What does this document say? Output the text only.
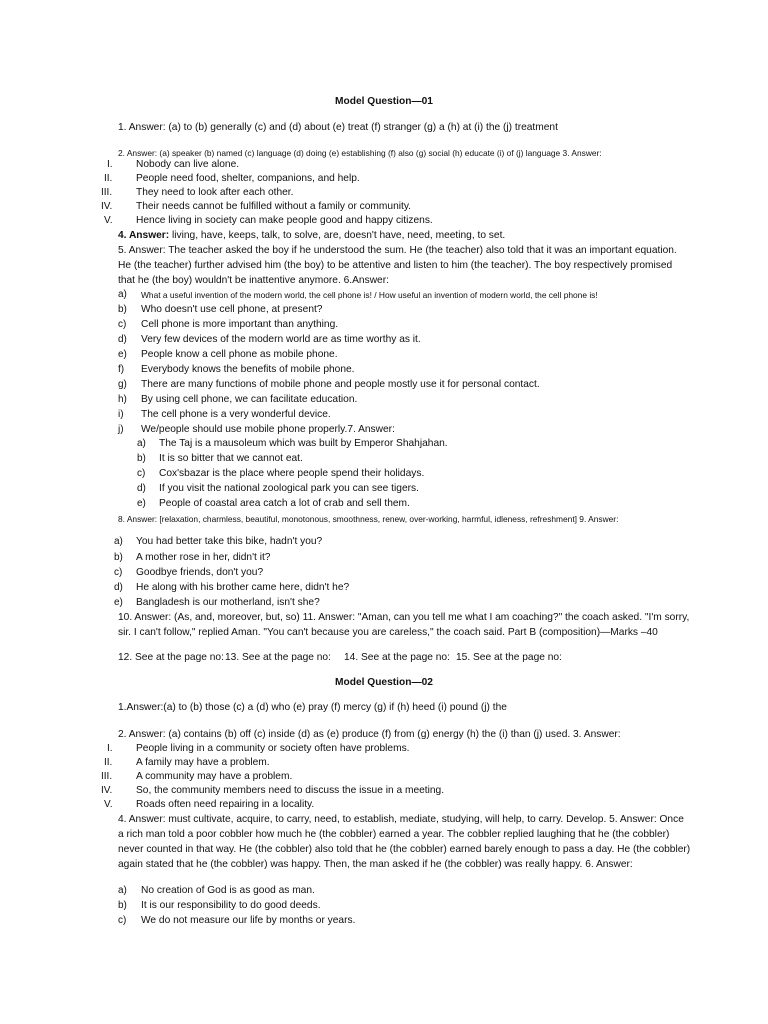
Model Question—01
1. Answer: (a) to (b) generally (c) and (d) about (e) treat (f) stranger (g) a (h) at (i) the (j) treatment
2. Answer: (a) speaker (b) named (c) language (d) doing (e) establishing (f) also (g) social (h) educate (i) of (j) language 3. Answer:
I. Nobody can live alone.
II. People need food, shelter, companions, and help.
III. They need to look after each other.
IV. Their needs cannot be fulfilled without a family or community.
V. Hence living in society can make people good and happy citizens.
4. Answer: living, have, keeps, talk, to solve, are, doesn't have, need, meeting, to set.
5. Answer: The teacher asked the boy if he understood the sum. He (the teacher) also told that it was an important equation.
He (the teacher) further advised him (the boy) to be attentive and listen to him (the teacher). The boy respectively promised
that he (the boy) wouldn't be inattentive anymore. 6.Answer:
a) What a useful invention of the modern world, the cell phone is! / How useful an invention of modern world, the cell phone is!
b) Who doesn't use cell phone, at present?
c) Cell phone is more important than anything.
d) Very few devices of the modern world are as time worthy as it.
e) People know a cell phone as mobile phone.
f) Everybody knows the benefits of mobile phone.
g) There are many functions of mobile phone and people mostly use it for personal contact.
h) By using cell phone, we can facilitate education.
i) The cell phone is a very wonderful device.
j) We/people should use mobile phone properly.7. Answer:
a) The Taj is a mausoleum which was built by Emperor Shahjahan.
b) It is so bitter that we cannot eat.
c) Cox'sbazar is the place where people spend their holidays.
d) If you visit the national zoological park you can see tigers.
e) People of coastal area catch a lot of crab and sell them.
8. Answer: [relaxation, charmless, beautiful, monotonous, smoothness, renew, over-working, harmful, idleness, refreshment] 9. Answer:
a) You had better take this bike, hadn't you?
b) A mother rose in her, didn't it?
c) Goodbye friends, don't you?
d) He along with his brother came here, didn't he?
e) Bangladesh is our motherland, isn't she?
10. Answer: (As, and, moreover, but, so) 11. Answer: "Aman, can you tell me what I am coaching?" the coach asked. "I'm sorry,
sir. I can't follow," replied Aman. "You can't because you are careless," the coach said. Part B (composition)—Marks –40
12. See at the page no: 13. See at the page no: 14. See at the page no: 15. See at the page no:
Model Question—02
1.Answer:(a) to (b) those (c) a (d) who (e) pray (f) mercy (g) if (h) heed (i) pound (j) the
2. Answer: (a) contains (b) off (c) inside (d) as (e) produce (f) from (g) energy (h) the (i) than (j) used. 3. Answer:
I. People living in a community or society often have problems.
II. A family may have a problem.
III. A community may have a problem.
IV. So, the community members need to discuss the issue in a meeting.
V. Roads often need repairing in a locality.
4. Answer: must cultivate, acquire, to carry, need, to establish, mediate, studying, will help, to carry. Develop. 5. Answer: Once
a rich man told a poor cobbler how much he (the cobbler) earned a year. The cobbler replied laughing that he (the cobbler)
never counted in that way. He (the cobbler) also told that he (the cobbler) earned barely enough to pass a day. He (the cobbler)
again stated that he (the cobbler) was happy. Then, the man asked if he (the cobbler) was really happy. 6. Answer:
a) No creation of God is as good as man.
b) It is our responsibility to do good deeds.
c) We do not measure our life by months or years.
